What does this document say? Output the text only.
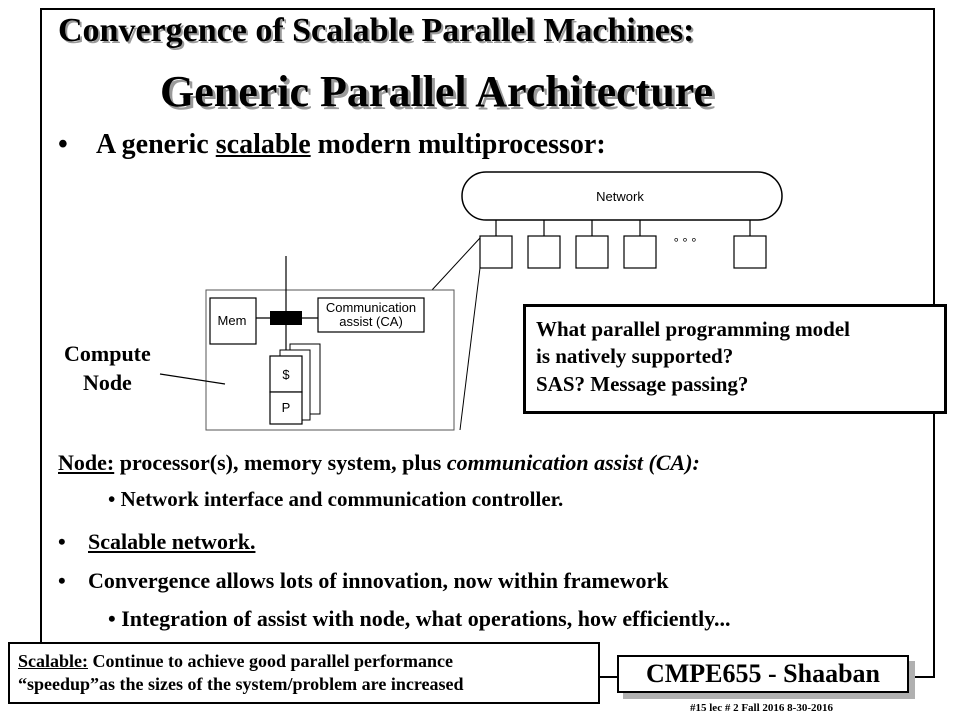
Convergence of Scalable Parallel Machines:
Generic Parallel Architecture
• A generic scalable modern multiprocessor:
Network
° ° °
Mem
Communication
assist (CA)
$
P
Compute
Node
What parallel programming model
is natively supported?
SAS? Message passing?
Node: processor(s), memory system, plus communication assist (CA):
• Network interface and communication controller.
• Scalable network.
• Convergence allows lots of innovation, now within framework
• Integration of assist with node, what operations, how efficiently...
Scalable: Continue to achieve good parallel performance
“speedup”as the sizes of the system/problem are increased	CMPE655 - Shaaban
#15 lec # 2 Fall 2016 8-30-2016
